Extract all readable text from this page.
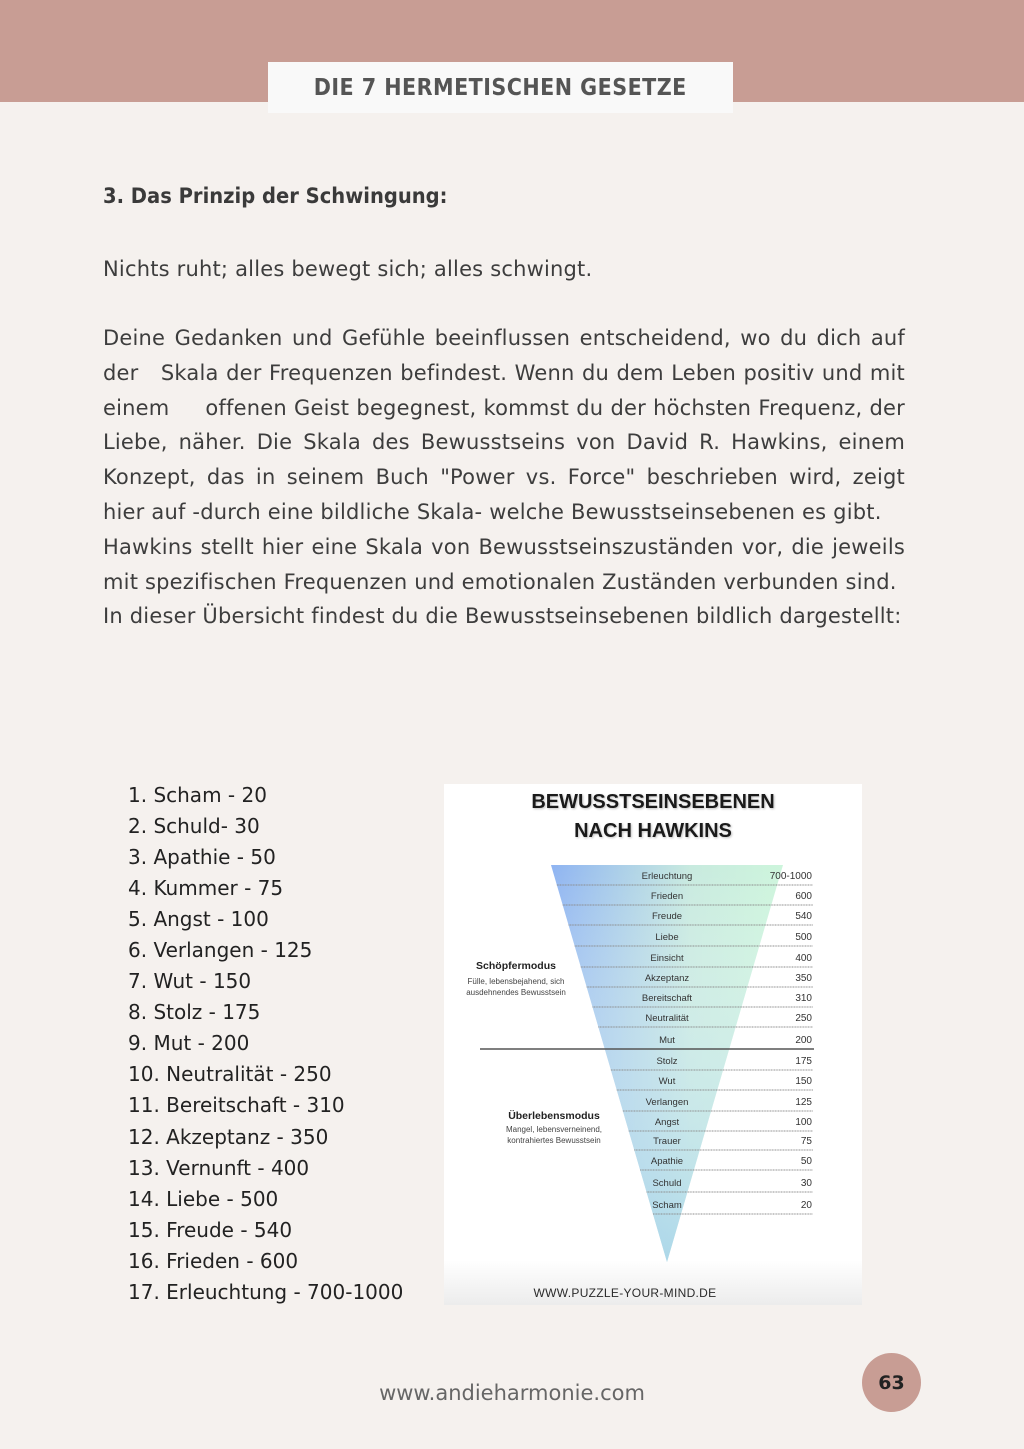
DIE 7 HERMETISCHEN GESETZE
3. Das Prinzip der Schwingung:
Nichts ruht; alles bewegt sich; alles schwingt.

Deine Gedanken und Gefühle beeinflussen entscheidend, wo du dich auf der   Skala der Frequenzen befindest. Wenn du dem Leben positiv und mit einem     offenen Geist begegnest, kommst du der höchsten Frequenz, der Liebe, näher. Die Skala des Bewusstseins von David R. Hawkins, einem Konzept, das in seinem Buch "Power vs. Force" beschrieben wird, zeigt hier auf -durch eine bildliche Skala- welche Bewusstseinsebenen es gibt.

Hawkins stellt hier eine Skala von Bewusstseinszuständen vor, die jeweils mit spezifischen Frequenzen und emotionalen Zuständen verbunden sind.

In dieser Übersicht findest du die Bewusstseinsebenen bildlich dargestellt:

1. Scham - 20
2. Schuld- 30
3. Apathie - 50
4. Kummer - 75
5. Angst - 100
6. Verlangen - 125
7. Wut - 150
8. Stolz - 175
9. Mut - 200
10. Neutralität - 250
11. Bereitschaft - 310
12. Akzeptanz - 350
13. Vernunft - 400
14. Liebe - 500
15. Freude - 540
16. Frieden - 600
17. Erleuchtung - 700-1000
BEWUSSTSEINSEBENEN
NACH HAWKINS
Erleuchtung	700-1000
Frieden	600
Freude	540
Liebe	500
Einsicht	400
Akzeptanz	350
Bereitschaft	310
Neutralität	250
Mut	200
Stolz	175
Wut	150
Verlangen	125
Angst	100
Trauer	75
Apathie	50
Schuld	30
Scham	20
Schöpfermodus
Fülle, lebensbejahend, sich
ausdehnendes Bewusstsein
Überlebensmodus
Mangel, lebensverneinend,
kontrahiertes Bewusstsein
WWW.PUZZLE-YOUR-MIND.DE
www.andieharmonie.com	63
